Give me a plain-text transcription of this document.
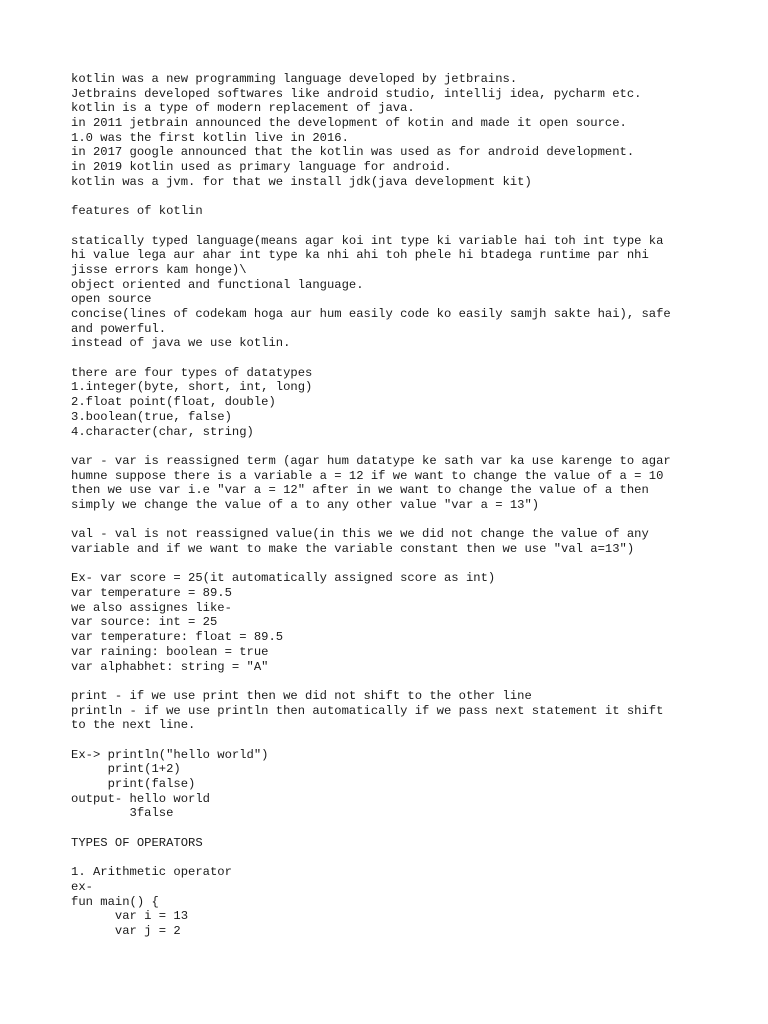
kotlin was a new programming language developed by jetbrains.
Jetbrains developed softwares like android studio, intellij idea, pycharm etc.
kotlin is a type of modern replacement of java.
in 2011 jetbrain announced the development of kotin and made it open source.
1.0 was the first kotlin live in 2016.
in 2017 google announced that the kotlin was used as for android development.
in 2019 kotlin used as primary language for android.
kotlin was a jvm. for that we install jdk(java development kit)
features of kotlin
statically typed language(means agar koi int type ki variable hai toh int type ka
hi value lega aur ahar int type ka nhi ahi toh phele hi btadega runtime par nhi
jisse errors kam honge)\
object oriented and functional language.
open source
concise(lines of codekam hoga aur hum easily code ko easily samjh sakte hai), safe
and powerful.
instead of java we use kotlin.
there are four types of datatypes
1.integer(byte, short, int, long)
2.float point(float, double)
3.boolean(true, false)
4.character(char, string)
var - var is reassigned term (agar hum datatype ke sath var ka use karenge to agar
humne suppose there is a variable a = 12 if we want to change the value of a = 10
then we use var i.e "var a = 12" after in we want to change the value of a then
simply we change the value of a to any other value "var a = 13")
val - val is not reassigned value(in this we we did not change the value of any
variable and if we want to make the variable constant then we use "val a=13")
Ex- var score = 25(it automatically assigned score as int)
var temperature = 89.5
we also assignes like-
var source: int = 25
var temperature: float = 89.5
var raining: boolean = true
var alphabhet: string = "A"
print - if we use print then we did not shift to the other line
println - if we use println then automatically if we pass next statement it shift
to the next line.
Ex-> println("hello world")
print(1+2)
print(false)
output- hello world
3false
TYPES OF OPERATORS
1. Arithmetic operator
ex-
fun main() {
var i = 13
var j = 2
